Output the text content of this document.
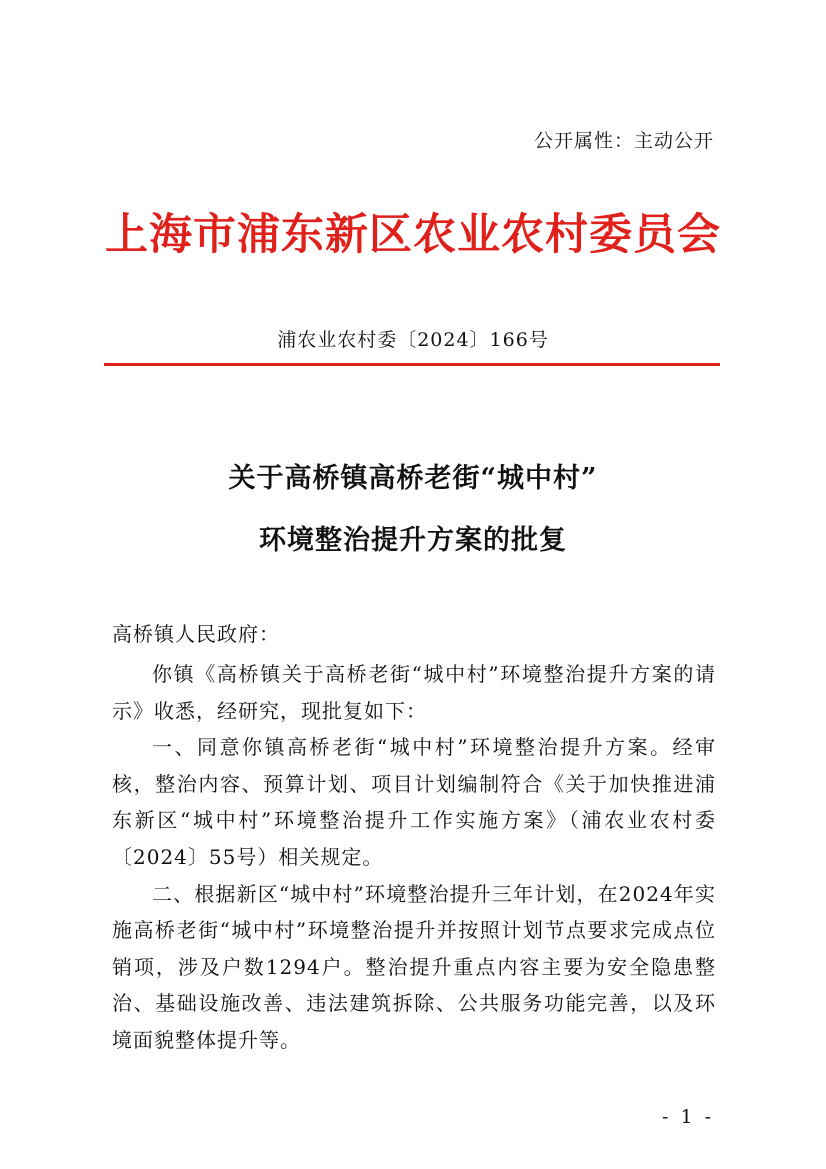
公开属性：主动公开

上海市浦东新区农业农村委员会

浦农业农村委〔2024〕166号

关于高桥镇高桥老街“城中村”
环境整治提升方案的批复

高桥镇人民政府：

你镇《高桥镇关于高桥老街“城中村”环境整治提升方案的请示》收悉，经研究，现批复如下：

一、同意你镇高桥老街“城中村”环境整治提升方案。经审核，整治内容、预算计划、项目计划编制符合《关于加快推进浦东新区“城中村”环境整治提升工作实施方案》（浦农业农村委〔2024〕55号）相关规定。

二、根据新区“城中村”环境整治提升三年计划，在2024年实施高桥老街“城中村”环境整治提升并按照计划节点要求完成点位销项，涉及户数1294户。整治提升重点内容主要为安全隐患整治、基础设施改善、违法建筑拆除、公共服务功能完善，以及环境面貌整体提升等。

- 1 -
